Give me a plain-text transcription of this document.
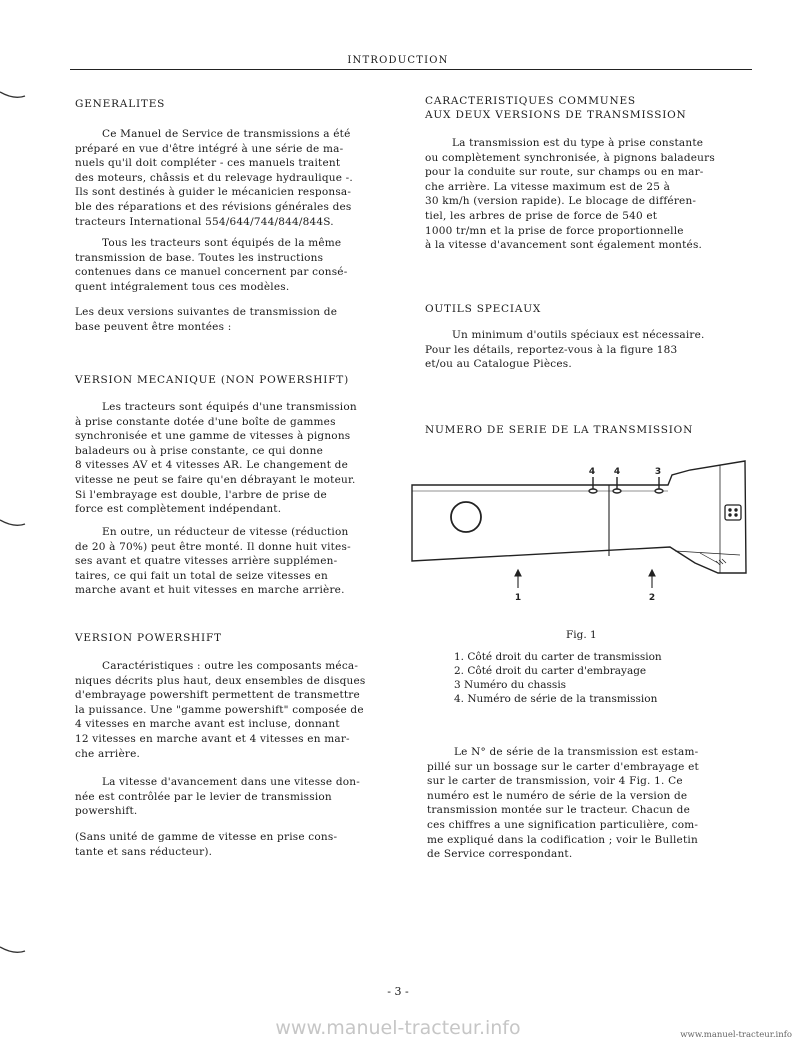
INTRODUCTION
GENERALITES
Ce Manuel de Service de transmissions a été
préparé en vue d'être intégré à une série de ma-
nuels qu'il doit compléter - ces manuels traitent
des moteurs, châssis et du relevage hydraulique -.
Ils sont destinés à guider le mécanicien responsa-
ble des réparations et des révisions générales des
tracteurs International 554/644/744/844/844S.
Tous les tracteurs sont équipés de la même
transmission de base. Toutes les instructions
contenues dans ce manuel concernent par consé-
quent intégralement tous ces modèles.
Les deux versions suivantes de transmission de
base peuvent être montées :
VERSION MECANIQUE (NON POWERSHIFT)
Les tracteurs sont équipés d'une transmission
à prise constante dotée d'une boîte de gammes
synchronisée et une gamme de vitesses à pignons
baladeurs ou à prise constante, ce qui donne
8 vitesses AV et 4 vitesses AR. Le changement de
vitesse ne peut se faire qu'en débrayant le moteur.
Si l'embrayage est double, l'arbre de prise de
force est complètement indépendant.
En outre, un réducteur de vitesse (réduction
de 20 à 70%) peut être monté. Il donne huit vites-
ses avant et quatre vitesses arrière supplémen-
taires, ce qui fait un total de seize vitesses en
marche avant et huit vitesses en marche arrière.
VERSION POWERSHIFT
Caractéristiques : outre les composants méca-
niques décrits plus haut, deux ensembles de disques
d'embrayage powershift permettent de transmettre
la puissance. Une "gamme powershift" composée de
4 vitesses en marche avant est incluse, donnant
12 vitesses en marche avant et 4 vitesses en mar-
che arrière.
La vitesse d'avancement dans une vitesse don-
née est contrôlée par le levier de transmission
powershift.
(Sans unité de gamme de vitesse en prise cons-
tante et sans réducteur).
CARACTERISTIQUES COMMUNES
AUX DEUX VERSIONS DE TRANSMISSION
La transmission est du type à prise constante
ou complètement synchronisée, à pignons baladeurs
pour la conduite sur route, sur champs ou en mar-
che arrière. La vitesse maximum est de 25 à
30 km/h (version rapide). Le blocage de différen-
tiel, les arbres de prise de force de 540 et
1000 tr/mn et la prise de force proportionnelle
à la vitesse d'avancement sont également montés.
OUTILS SPECIAUX
Un minimum d'outils spéciaux est nécessaire.
Pour les détails, reportez-vous à la figure 183
et/ou au Catalogue Pièces.
NUMERO DE SERIE DE LA TRANSMISSION
4 4	3
1	2
Fig. 1
1. Côté droit du carter de transmission
2. Côté droit du carter d'embrayage
3 Numéro du chassis
4. Numéro de série de la transmission
Le N° de série de la transmission est estam-
pillé sur un bossage sur le carter d'embrayage et
sur le carter de transmission, voir 4 Fig. 1. Ce
numéro est le numéro de série de la version de
transmission montée sur le tracteur. Chacun de
ces chiffres a une signification particulière, com-
me expliqué dans la codification ; voir le Bulletin
de Service correspondant.
- 3 -
www.manuel-tracteur.info	www.manuel-tracteur.info
